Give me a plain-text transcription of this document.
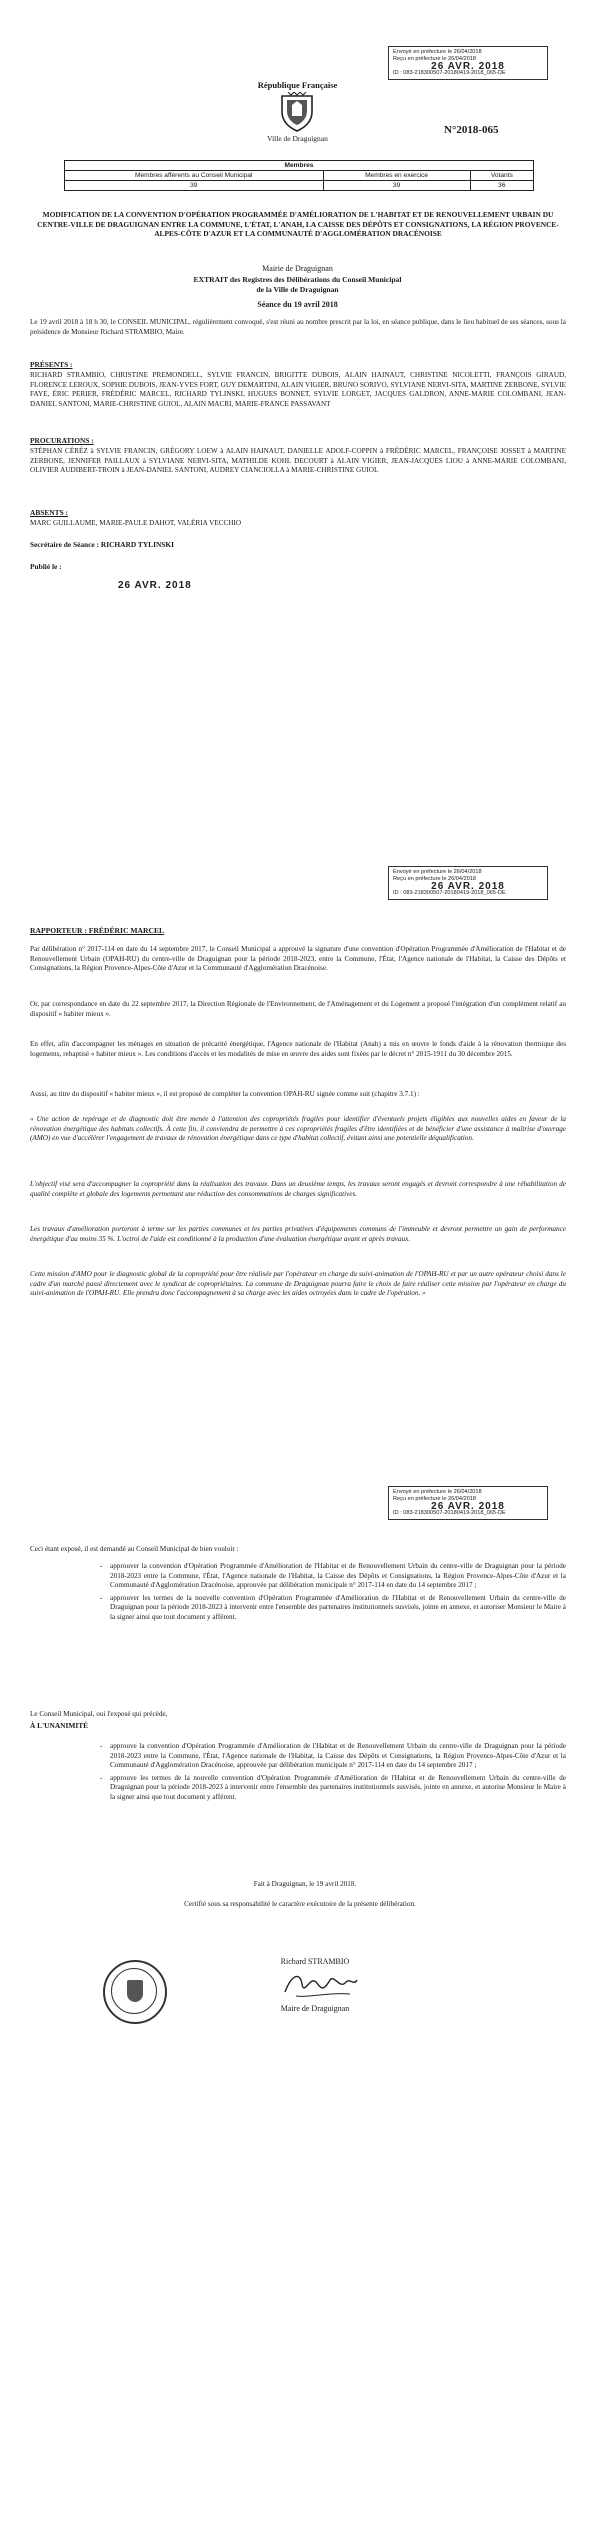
Envoyé en préfecture le 26/04/2018
Reçu en préfecture le 26/04/2018
26 AVR. 2018
ID : 083-218300507-20180419-2018_065-DE
République Française
Ville de Draguignan
N°2018-065
Membres		
Membres afférents au Conseil Municipal	Membres en exercice	Votants
39	39	36
MODIFICATION DE LA CONVENTION D'OPÉRATION PROGRAMMÉE D'AMÉLIORATION DE L'HABITAT ET DE RENOUVELLEMENT URBAIN DU CENTRE-VILLE DE DRAGUIGNAN ENTRE LA COMMUNE, L'ÉTAT, L'ANAH, LA CAISSE DES DÉPÔTS ET CONSIGNATIONS, LA RÉGION PROVENCE-ALPES-CÔTE D'AZUR ET LA COMMUNAUTÉ D'AGGLOMÉRATION DRACÉNOISE
Mairie de Draguignan
EXTRAIT des Registres des Délibérations du Conseil Municipal
de la Ville de Draguignan
Séance du 19 avril 2018
Le 19 avril 2018 à 18 h 30, le CONSEIL MUNICIPAL, régulièrement convoqué, s'est réuni au nombre prescrit par la loi, en séance publique, dans le lieu habituel de ses séances, sous la présidence de Monsieur Richard STRAMBIO, Maire.
PRÉSENTS :
RICHARD STRAMBIO, CHRISTINE PREMONDELL, SYLVIE FRANCIN, BRIGITTE DUBOIS, ALAIN HAINAUT, CHRISTINE NICOLETTI, FRANÇOIS GIRAUD, FLORENCE LEROUX, SOPHIE DUBOIS, JEAN-YVES FORT, GUY DEMARTINI, ALAIN VIGIER, BRUNO SORIVO, SYLVIANE NERVI-SITA, MARTINE ZERBONE, SYLVIE FAYE, ÉRIC PERIER, FRÉDÉRIC MARCEL, RICHARD TYLINSKI, HUGUES BONNET, SYLVIE LORGET, JACQUES GALDRON, ANNE-MARIE COLOMBANI, JEAN-DANIEL SANTONI, MARIE-CHRISTINE GUIOL, ALAIN MACRI, MARIE-FRANCE PASSAVANT
PROCURATIONS :
STÉPHAN CÉRÉZ à SYLVIE FRANCIN, GRÉGORY LOEW à ALAIN HAINAUT, DANIELLE ADOLF-COPPIN à FRÉDÉRIC MARCEL, FRANÇOISE JOSSET à MARTINE ZERBONE, JENNIFER PAILLAUX à SYLVIANE NERVI-SITA, MATHILDE KOHL DECOURT à ALAIN VIGIER, JEAN-JACQUES LIOU à ANNE-MARIE COLOMBANI, OLIVIER AUDIBERT-TROIN à JEAN-DANIEL SANTONI, AUDREY CIANCIOLLA à MARIE-CHRISTINE GUIOL
ABSENTS :
MARC GUILLAUME, MARIE-PAULE DAHOT, VALÉRIA VECCHIO
Secrétaire de Séance : RICHARD TYLINSKI
Publié le :
26 AVR. 2018
Envoyé en préfecture le 26/04/2018
Reçu en préfecture le 26/04/2018
26 AVR. 2018
ID : 083-218300507-20180419-2018_065-DE
RAPPORTEUR : FRÉDÉRIC MARCEL
Par délibération n° 2017-114 en date du 14 septembre 2017, le Conseil Municipal a approuvé la signature d'une convention d'Opération Programmée d'Amélioration de l'Habitat et de Renouvellement Urbain (OPAH-RU) du centre-ville de Draguignan pour la période 2018-2023, entre la Commune, l'État, l'Agence nationale de l'Habitat, la Caisse des Dépôts et Consignations, la Région Provence-Alpes-Côte d'Azur et la Communauté d'Agglomération Dracénoise.
Or, par correspondance en date du 22 septembre 2017, la Direction Régionale de l'Environnement, de l'Aménagement et du Logement a proposé l'intégration d'un complément relatif au dispositif « habiter mieux ».
En effet, afin d'accompagner les ménages en situation de précarité énergétique, l'Agence nationale de l'Habitat (Anah) a mis en œuvre le fonds d'aide à la rénovation thermique des logements, rebaptisé « habiter mieux ». Les conditions d'accès et les modalités de mise en œuvre des aides sont fixées par le décret n° 2015-1911 du 30 décembre 2015.
Aussi, au titre du dispositif « habiter mieux », il est proposé de compléter la convention OPAH-RU signée comme suit (chapitre 3.7.1) :
« Une action de repérage et de diagnostic doit être menée à l'attention des copropriétés fragiles pour identifier d'éventuels projets éligibles aux nouvelles aides en faveur de la rénovation énergétique des habitats collectifs. À cette fin, il conviendra de permettre à ces copropriétés fragiles d'être identifiées et de bénéficier d'une assistance à maîtrise d'ouvrage (AMO) en vue d'accélérer l'engagement de travaux de rénovation énergétique dans ce type d'habitat collectif, évitant ainsi une potentielle déqualification.
L'objectif visé sera d'accompagner la copropriété dans la réalisation des travaux. Dans un deuxième temps, les travaux seront engagés et devront correspondre à une réhabilitation de qualité complète et globale des logements permettant une réduction des consommations de charges significatives.
Les travaux d'amélioration porteront à terme sur les parties communes et les parties privatives d'équipements communs de l'immeuble et devront permettre un gain de performance énergétique d'au moins 35 %. L'octroi de l'aide est conditionné à la production d'une évaluation énergétique avant et après travaux.
Cette mission d'AMO pour le diagnostic global de la copropriété pour être réalisée par l'opérateur en charge du suivi-animation de l'OPAH-RU et par un autre opérateur choisi dans le cadre d'un marché passé directement avec le syndicat de copropriétaires. La commune de Draguignan pourra faire le choix de faire réaliser cette mission par l'opérateur en charge du suivi-animation de l'OPAH-RU. Elle prendra donc l'accompagnement à sa charge avec les aides octroyées dans le cadre de l'opération. »
Envoyé en préfecture le 26/04/2018
Reçu en préfecture le 26/04/2018
26 AVR. 2018
ID : 083-218300507-20180419-2018_065-DE
Ceci étant exposé, il est demandé au Conseil Municipal de bien vouloir :
- approuver la convention d'Opération Programmée d'Amélioration de l'Habitat et de Renouvellement Urbain du centre-ville de Draguignan pour la période 2018-2023 entre la Commune, l'État, l'Agence nationale de l'Habitat, la Caisse des Dépôts et Consignations, la Région Provence-Alpes-Côte d'Azur et la Communauté d'Agglomération Dracénoise, approuvée par délibération municipale n° 2017-114 en date du 14 septembre 2017 ;
- approuver les termes de la nouvelle convention d'Opération Programmée d'Amélioration de l'Habitat et de Renouvellement Urbain du centre-ville de Draguignan pour la période 2018-2023 à intervenir entre l'ensemble des partenaires institutionnels susvisés, jointe en annexe, et autoriser Monsieur le Maire à la signer ainsi que tout document y afférent.
Le Conseil Municipal, oui l'exposé qui précède,
À L'UNANIMITÉ
- approuve la convention d'Opération Programmée d'Amélioration de l'Habitat et de Renouvellement Urbain du centre-ville de Draguignan pour la période 2018-2023 entre la Commune, l'État, l'Agence nationale de l'Habitat, la Caisse des Dépôts et Consignations, la Région Provence-Alpes-Côte d'Azur et la Communauté d'Agglomération Dracénoise, approuvée par délibération municipale n° 2017-114 en date du 14 septembre 2017 ;
- approuve les termes de la nouvelle convention d'Opération Programmée d'Amélioration de l'Habitat et de Renouvellement Urbain du centre-ville de Draguignan pour la période 2018-2023 à intervenir entre l'ensemble des partenaires institutionnels susvisés, jointe en annexe, et autorise Monsieur le Maire à la signer ainsi que tout document y afférent.
Fait à Draguignan, le 19 avril 2018.
Certifié sous sa responsabilité le caractère exécutoire de la présente délibération.
Richard STRAMBIO
Maire de Draguignan
